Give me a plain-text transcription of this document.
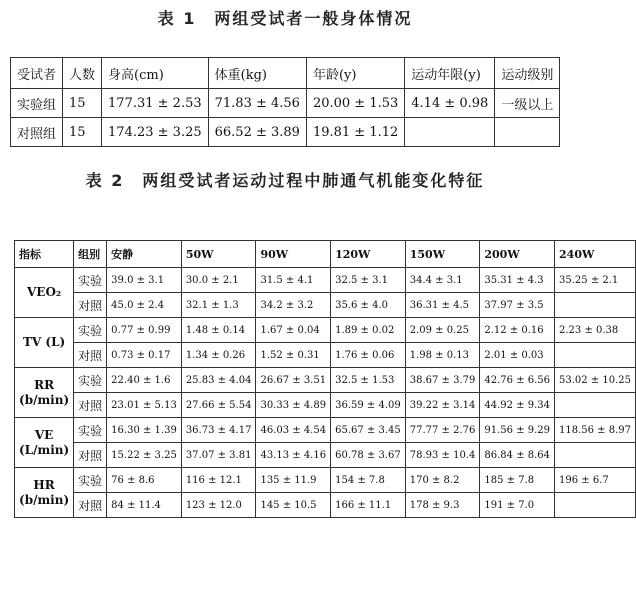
表 1　两组受试者一般身体情况
受试者	人数	身高(cm)	体重(kg)	年龄(y)	运动年限(y)	运动级别
实验组	15	177.31 ± 2.53	71.83 ± 4.56	20.00 ± 1.53	4.14 ± 0.98	一级以上
对照组	15	174.23 ± 3.25	66.52 ± 3.89	19.81 ± 1.12		
表 2　两组受试者运动过程中肺通气机能变化特征
指标	组别	安静	50W	90W	120W	150W	200W	240W
VEO₂	实验	39.0 ± 3.1	30.0 ± 2.1	31.5 ± 4.1	32.5 ± 3.1	34.4 ± 3.1	35.31 ± 4.3	35.25 ± 2.1
	对照	45.0 ± 2.4	32.1 ± 1.3	34.2 ± 3.2	35.6 ± 4.0	36.31 ± 4.5	37.97 ± 3.5	
TV (L)	实验	0.77 ± 0.99	1.48 ± 0.14	1.67 ± 0.04	1.89 ± 0.02	2.09 ± 0.25	2.12 ± 0.16	2.23 ± 0.38
	对照	0.73 ± 0.17	1.34 ± 0.26	1.52 ± 0.31	1.76 ± 0.06	1.98 ± 0.13	2.01 ± 0.03	
RR (b/min)	实验	22.40 ± 1.6	25.83 ± 4.04	26.67 ± 3.51	32.5 ± 1.53	38.67 ± 3.79	42.76 ± 6.56	53.02 ± 10.25
	对照	23.01 ± 5.13	27.66 ± 5.54	30.33 ± 4.89	36.59 ± 4.09	39.22 ± 3.14	44.92 ± 9.34	
VE (L/min)	实验	16.30 ± 1.39	36.73 ± 4.17	46.03 ± 4.54	65.67 ± 3.45	77.77 ± 2.76	91.56 ± 9.29	118.56 ± 8.97
	对照	15.22 ± 3.25	37.07 ± 3.81	43.13 ± 4.16	60.78 ± 3.67	78.93 ± 10.4	86.84 ± 8.64	
HR (b/min)	实验	76 ± 8.6	116 ± 12.1	135 ± 11.9	154 ± 7.8	170 ± 8.2	185 ± 7.8	196 ± 6.7
	对照	84 ± 11.4	123 ± 12.0	145 ± 10.5	166 ± 11.1	178 ± 9.3	191 ± 7.0	
